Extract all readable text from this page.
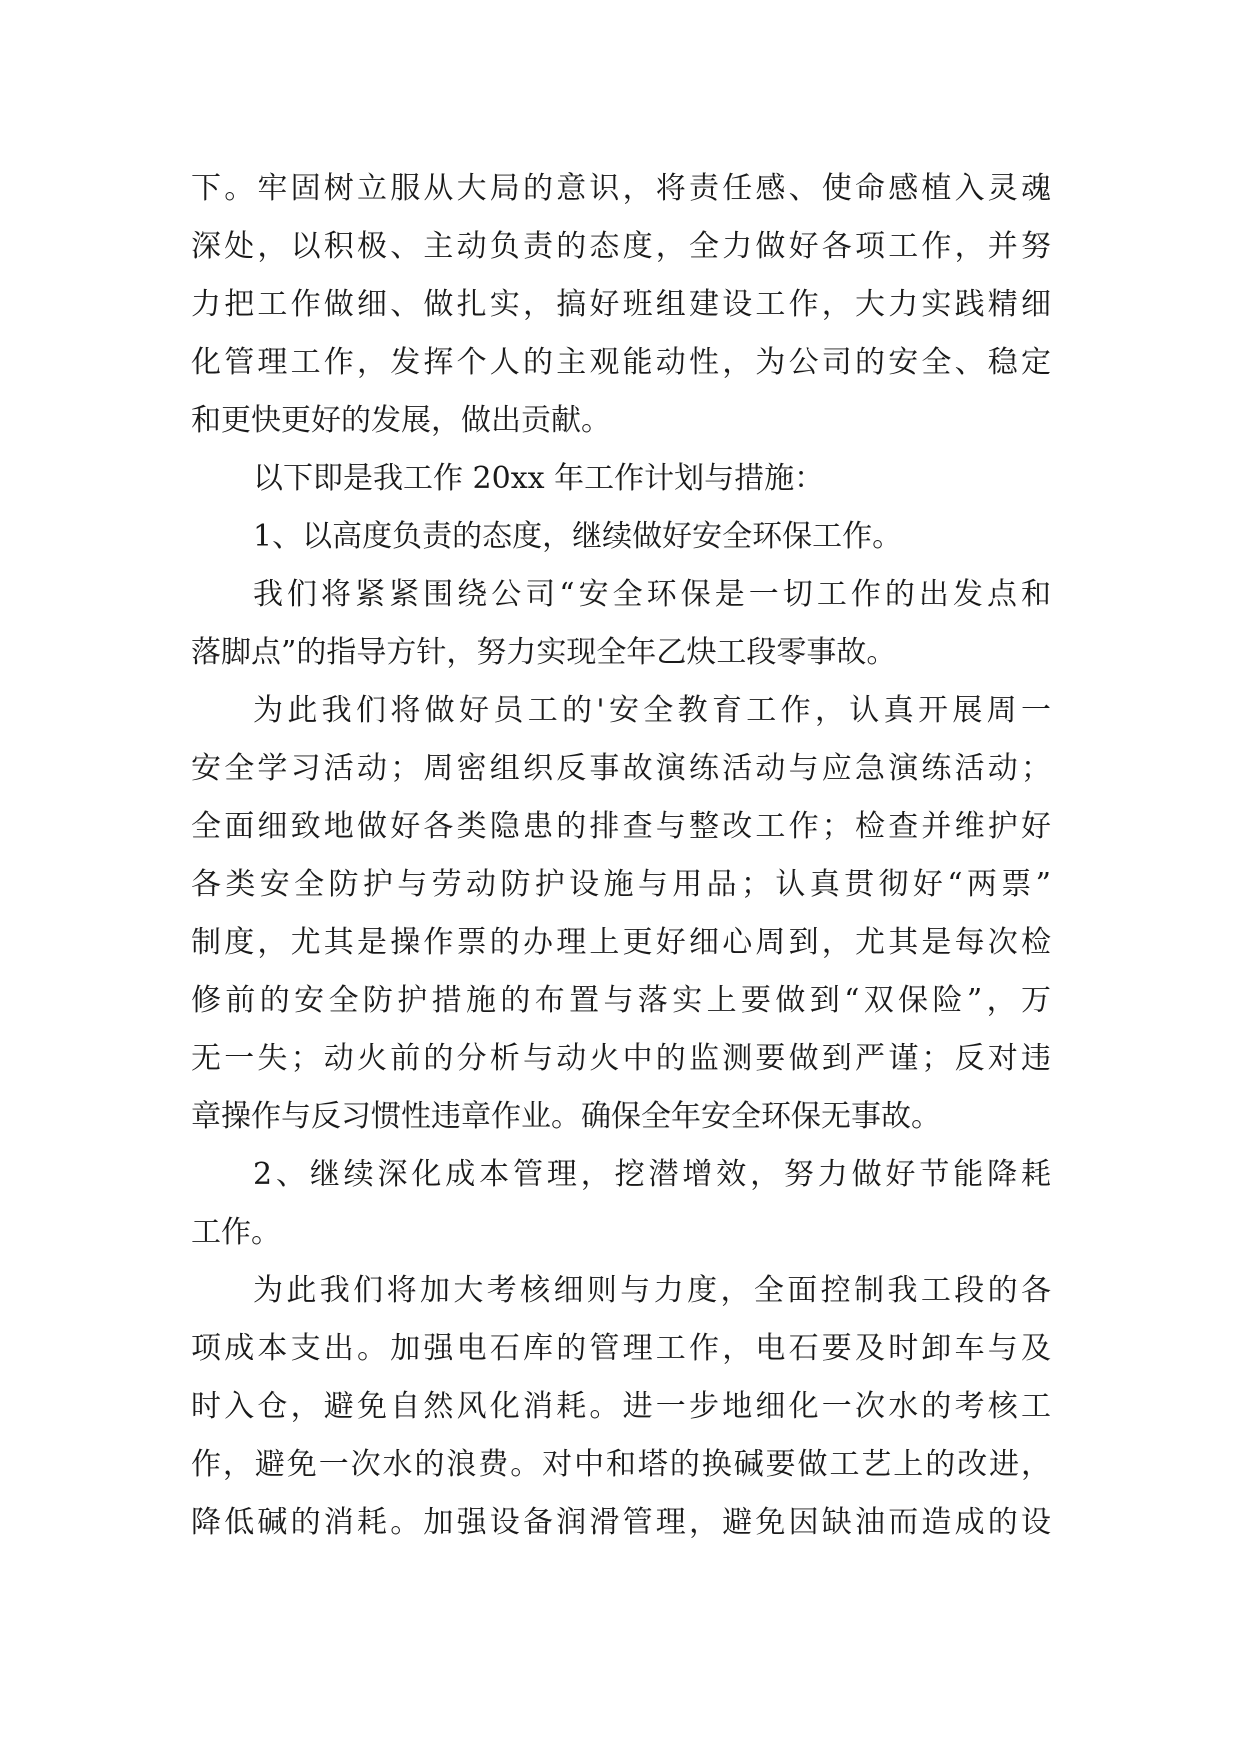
下。牢固树立服从大局的意识，将责任感、使命感植入灵魂
深处，以积极、主动负责的态度，全力做好各项工作，并努
力把工作做细、做扎实，搞好班组建设工作，大力实践精细
化管理工作，发挥个人的主观能动性，为公司的安全、稳定
和更快更好的发展，做出贡献。
以下即是我工作 20xx 年工作计划与措施：
1、以高度负责的态度，继续做好安全环保工作。
我们将紧紧围绕公司“安全环保是一切工作的出发点和
落脚点”的指导方针，努力实现全年乙炔工段零事故。
为此我们将做好员工的'安全教育工作，认真开展周一
安全学习活动；周密组织反事故演练活动与应急演练活动；
全面细致地做好各类隐患的排查与整改工作；检查并维护好
各类安全防护与劳动防护设施与用品；认真贯彻好“两票”
制度，尤其是操作票的办理上更好细心周到，尤其是每次检
修前的安全防护措施的布置与落实上要做到“双保险”，万
无一失；动火前的分析与动火中的监测要做到严谨；反对违
章操作与反习惯性违章作业。确保全年安全环保无事故。
2、继续深化成本管理，挖潜增效，努力做好节能降耗
工作。
为此我们将加大考核细则与力度，全面控制我工段的各
项成本支出。加强电石库的管理工作，电石要及时卸车与及
时入仓，避免自然风化消耗。进一步地细化一次水的考核工
作，避免一次水的浪费。对中和塔的换碱要做工艺上的改进，
降低碱的消耗。加强设备润滑管理，避免因缺油而造成的设
